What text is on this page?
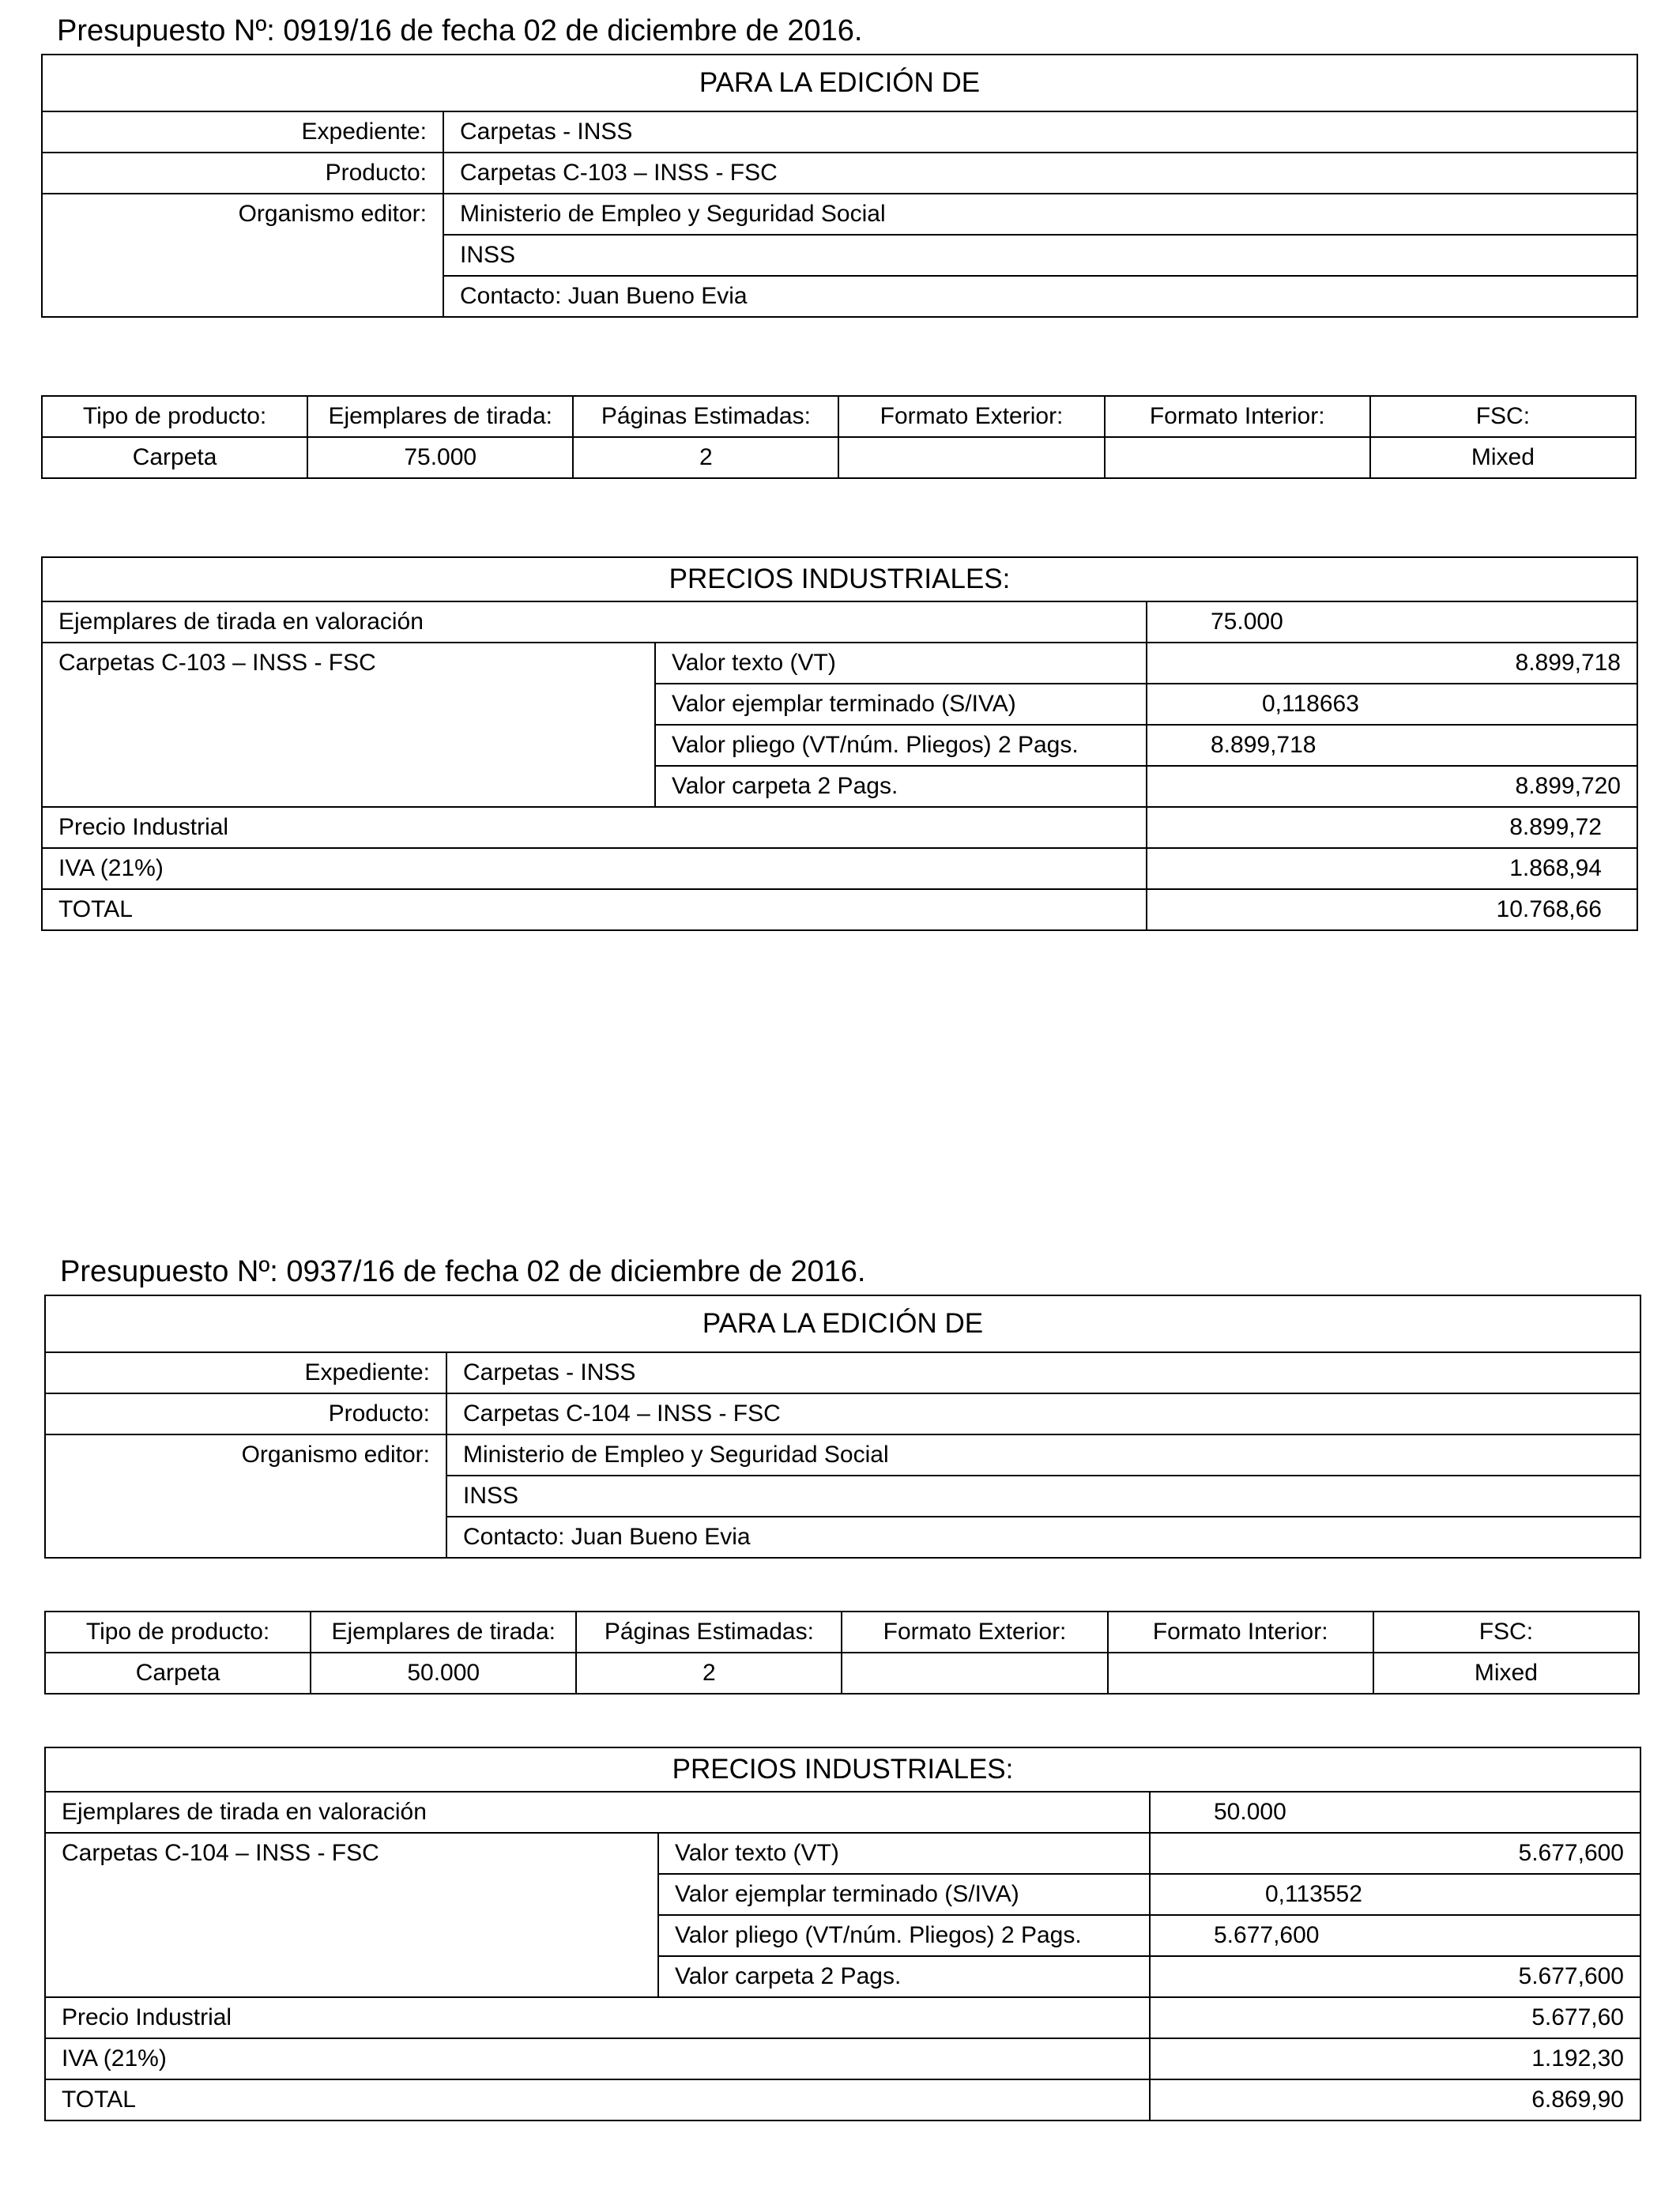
Presupuesto Nº: 0919/16 de fecha 02 de diciembre de 2016.
PARA LA EDICIÓN DE	
Expediente:	Carpetas - INSS
Producto:	Carpetas C-103 – INSS - FSC
Organismo editor:	Ministerio de Empleo y Seguridad Social
	INSS
	Contacto: Juan Bueno Evia
Tipo de producto:	Ejemplares de tirada:	Páginas Estimadas:	Formato Exterior:	Formato Interior:	FSC:
Carpeta	75.000	2			Mixed
PRECIOS INDUSTRIALES:		
Ejemplares de tirada en valoración		75.000
Carpetas C-103 – INSS - FSC	Valor texto (VT)	8.899,718
	Valor ejemplar terminado (S/IVA)	0,118663
	Valor pliego (VT/núm. Pliegos) 2 Pags.	8.899,718
	Valor carpeta 2 Pags.	8.899,720
Precio Industrial		8.899,72
IVA (21%)		1.868,94
TOTAL		10.768,66
Presupuesto Nº: 0937/16 de fecha 02 de diciembre de 2016.
PARA LA EDICIÓN DE	
Expediente:	Carpetas - INSS
Producto:	Carpetas C-104 – INSS - FSC
Organismo editor:	Ministerio de Empleo y Seguridad Social
	INSS
	Contacto: Juan Bueno Evia
Tipo de producto:	Ejemplares de tirada:	Páginas Estimadas:	Formato Exterior:	Formato Interior:	FSC:
Carpeta	50.000	2			Mixed
PRECIOS INDUSTRIALES:		
Ejemplares de tirada en valoración		50.000
Carpetas C-104 – INSS - FSC	Valor texto (VT)	5.677,600
	Valor ejemplar terminado (S/IVA)	0,113552
	Valor pliego (VT/núm. Pliegos) 2 Pags.	5.677,600
	Valor carpeta 2 Pags.	5.677,600
Precio Industrial		5.677,60
IVA (21%)		1.192,30
TOTAL		6.869,90
